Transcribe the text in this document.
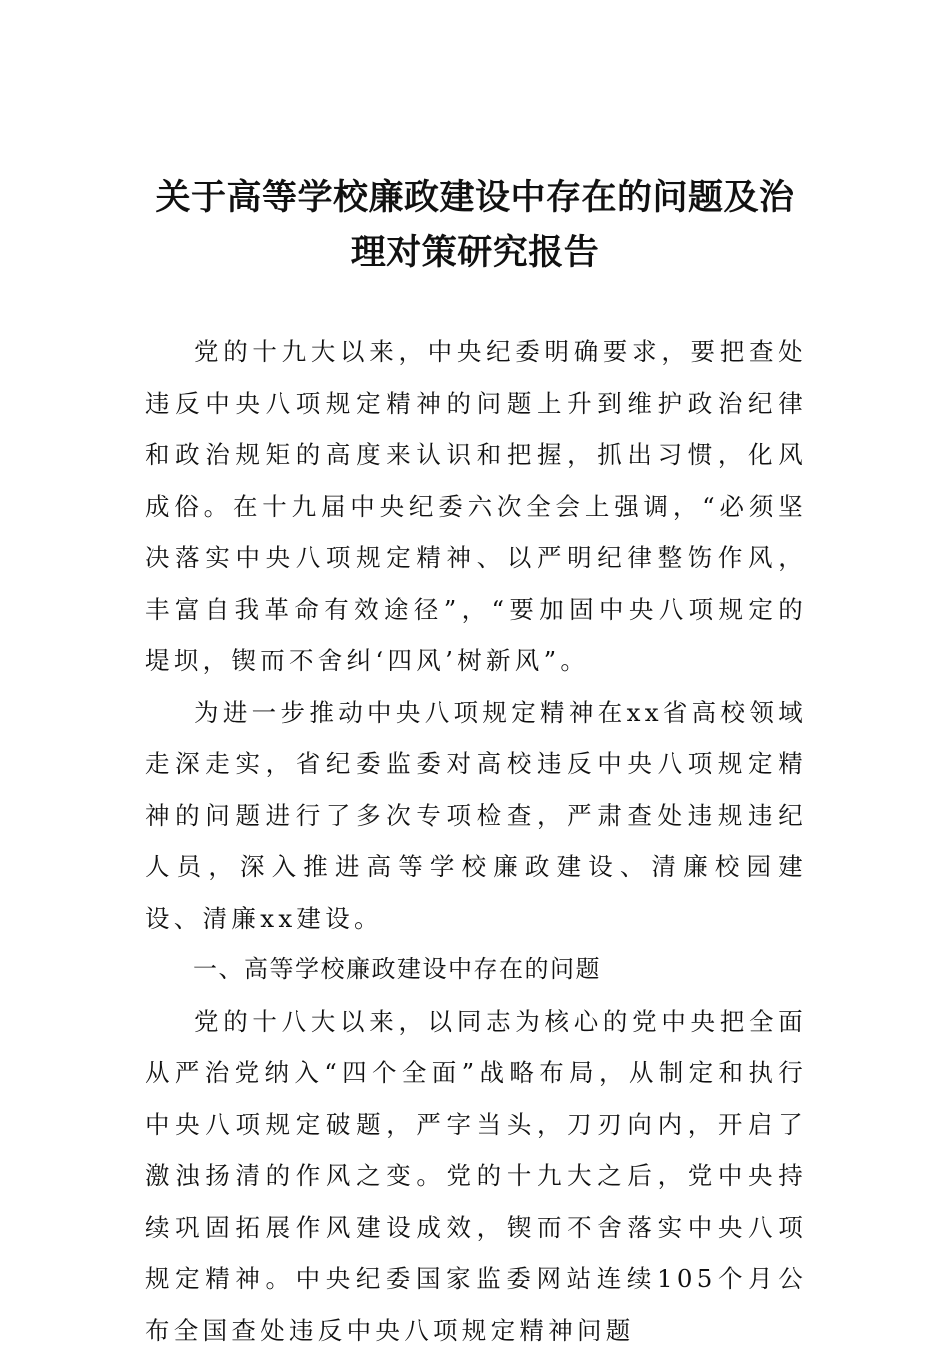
关于高等学校廉政建设中存在的问题及治
理对策研究报告

党的十九大以来，中央纪委明确要求，要把查处违反中央八项规定精神的问题上升到维护政治纪律和政治规矩的高度来认识和把握，抓出习惯，化风成俗。在十九届中央纪委六次全会上强调，“必须坚决落实中央八项规定精神、以严明纪律整饬作风，丰富自我革命有效途径”，“要加固中央八项规定的堤坝，锲而不舍纠‘四风’树新风”。

为进一步推动中央八项规定精神在xx省高校领域走深走实，省纪委监委对高校违反中央八项规定精神的问题进行了多次专项检查，严肃查处违规违纪人员，深入推进高等学校廉政建设、清廉校园建设、清廉xx建设。

一、高等学校廉政建设中存在的问题

党的十八大以来，以同志为核心的党中央把全面从严治党纳入“四个全面”战略布局，从制定和执行中央八项规定破题，严字当头，刀刃向内，开启了激浊扬清的作风之变。党的十九大之后，党中央持续巩固拓展作风建设成效，锲而不舍落实中央八项规定精神。中央纪委国家监委网站连续105个月公布全国查处违反中央八项规定精神问题
